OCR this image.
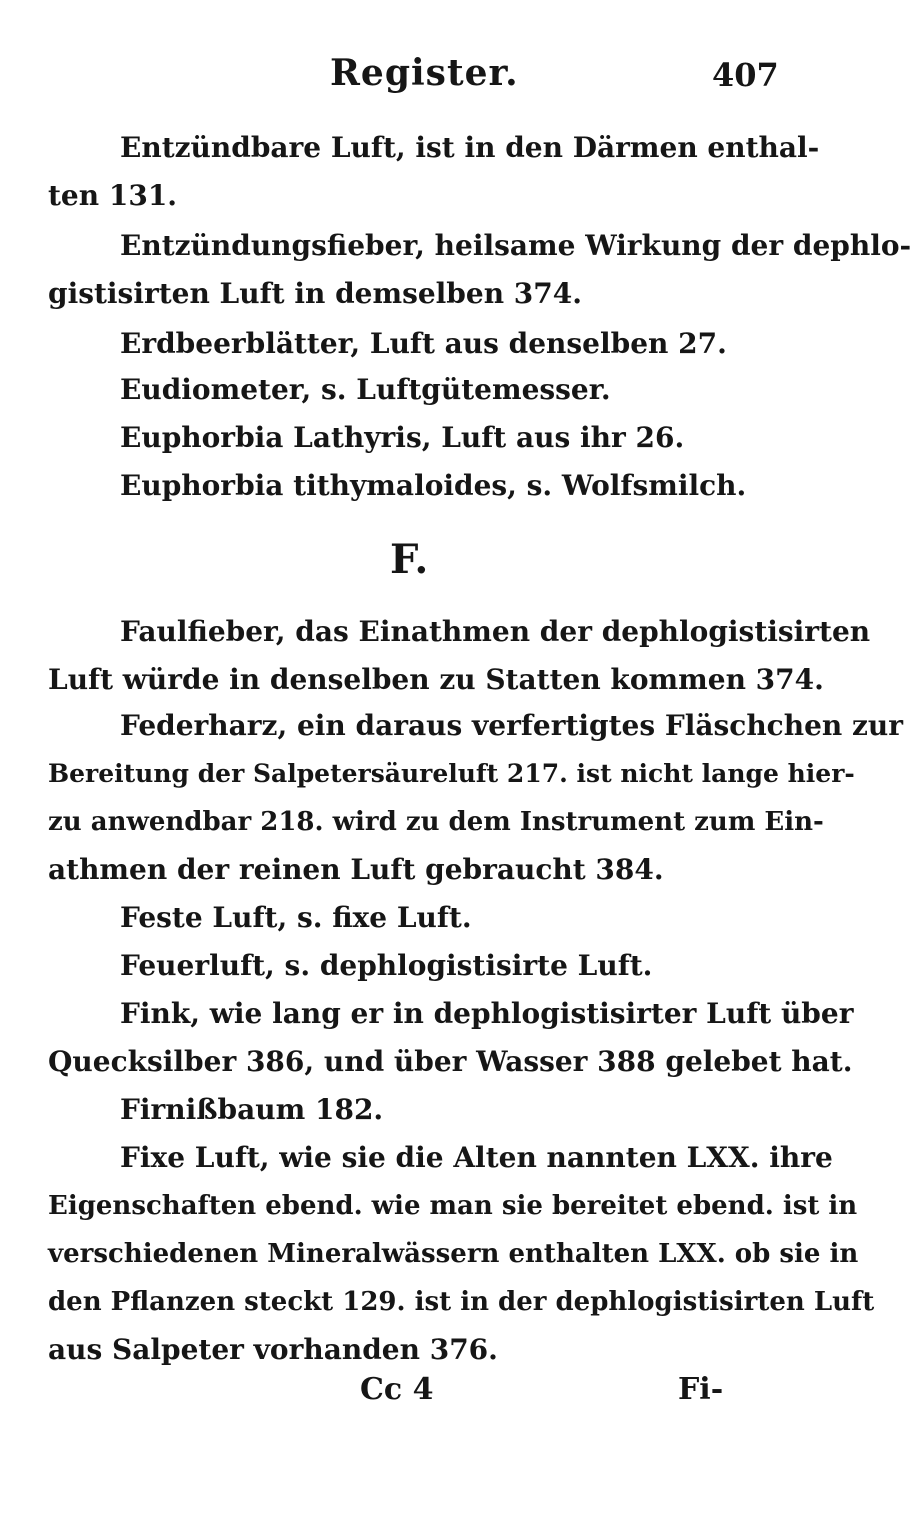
Register.	407
Entzündbare Luft, ist in den Därmen enthal-
ten 131.
Entzündungsfieber, heilsame Wirkung der dephlo-
gistisirten Luft in demselben 374.
Erdbeerblätter, Luft aus denselben 27.
Eudiometer, s. Luftgütemesser.
Euphorbia Lathyris, Luft aus ihr 26.
Euphorbia tithymaloides, s. Wolfsmilch.
F.
Faulfieber, das Einathmen der dephlogistisirten
Luft würde in denselben zu Statten kommen 374.
Federharz, ein daraus verfertigtes Fläschchen zur
Bereitung der Salpetersäureluft 217. ist nicht lange hier-
zu anwendbar 218. wird zu dem Instrument zum Ein-
athmen der reinen Luft gebraucht 384.
Feste Luft, s. fixe Luft.
Feuerluft, s. dephlogistisirte Luft.
Fink, wie lang er in dephlogistisirter Luft über
Quecksilber 386, und über Wasser 388 gelebet hat.
Firnißbaum 182.
Fixe Luft, wie sie die Alten nannten LXX. ihre
Eigenschaften ebend. wie man sie bereitet ebend. ist in
verschiedenen Mineralwässern enthalten LXX. ob sie in
den Pflanzen steckt 129. ist in der dephlogistisirten Luft
aus Salpeter vorhanden 376.
Cc 4	Fi-
